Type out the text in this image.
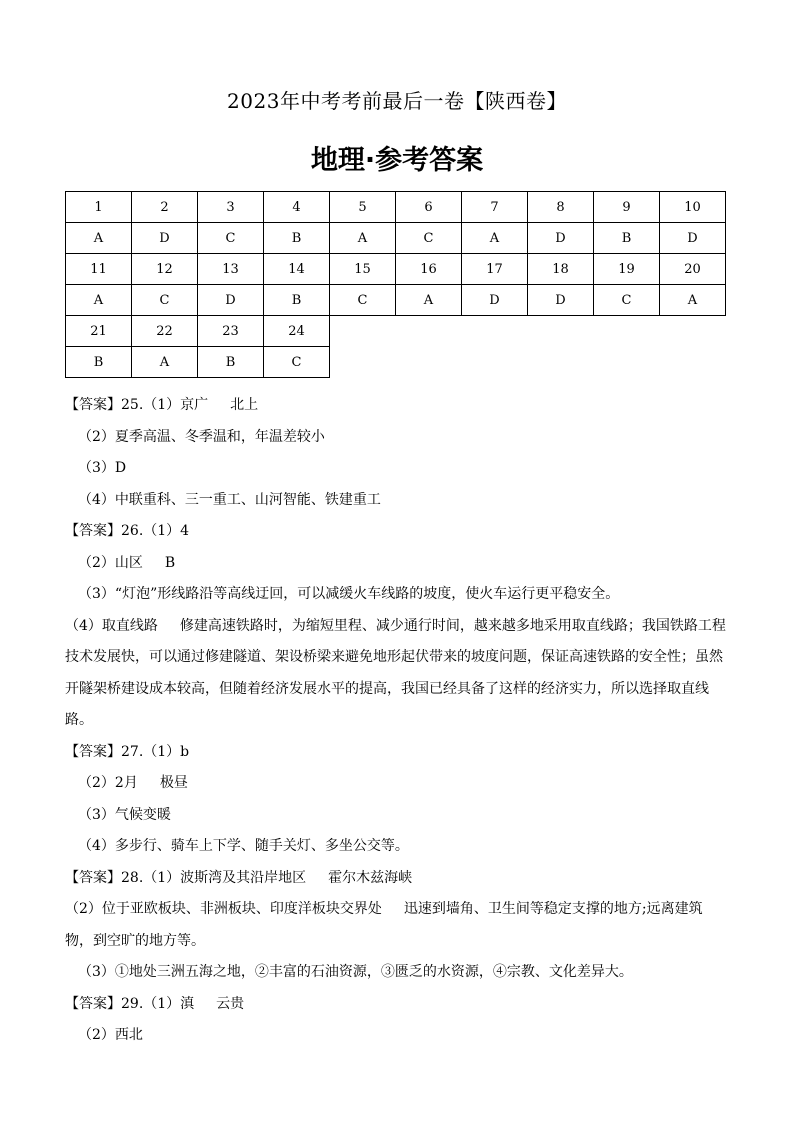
2023年中考考前最后一卷【陕西卷】
地理·参考答案
1	2	3	4	5	6	7	8	9	10
A	D	C	B	A	C	A	D	B	D
11	12	13	14	15	16	17	18	19	20
A	C	D	B	C	A	D	D	C	A
21	22	23	24						
B	A	B	C						
【答案】25.（1）京广 北上
（2）夏季高温、冬季温和，年温差较小
（3）D
（4）中联重科、三一重工、山河智能、铁建重工
【答案】26.（1）4
（2）山区 B
（3）“灯泡”形线路沿等高线迂回，可以减缓火车线路的坡度，使火车运行更平稳安全。
（4）取直线路 修建高速铁路时，为缩短里程、减少通行时间，越来越多地采用取直线路；我国铁路工程技术发展快，可以通过修建隧道、架设桥梁来避免地形起伏带来的坡度问题，保证高速铁路的安全性；虽然开隧架桥建设成本较高，但随着经济发展水平的提高，我国已经具备了这样的经济实力，所以选择取直线路。
【答案】27.（1）b
（2）2月 极昼
（3）气候变暖
（4）多步行、骑车上下学、随手关灯、多坐公交等。
【答案】28.（1）波斯湾及其沿岸地区 霍尔木兹海峡
（2）位于亚欧板块、非洲板块、印度洋板块交界处 迅速到墙角、卫生间等稳定支撑的地方;远离建筑物，到空旷的地方等。
（3）①地处三洲五海之地，②丰富的石油资源，③匮乏的水资源，④宗教、文化差异大。
【答案】29.（1）滇 云贵
（2）西北
